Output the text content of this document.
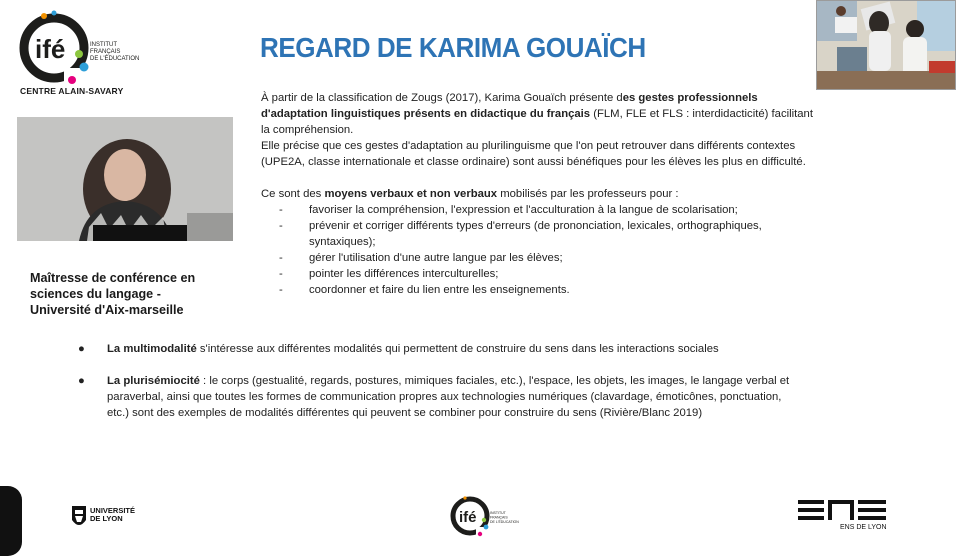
ifé	INSTITUT
FRANÇAIS
DE L'ÉDUCATION
CENTRE ALAIN-SAVARY
REGARD DE KARIMA GOUAÏCH
Maîtresse de conférence en
sciences du langage -
Université d'Aix-marseille

À partir de la classification de Zougs (2017), Karima Gouaïch présente des gestes professionnels

d'adaptation linguistiques présents en didactique du français (FLM, FLE et FLS : interdidacticité) facilitant

la compréhension.

Elle précise que ces gestes d'adaptation au plurilinguisme que l'on peut retrouver dans différents contextes

(UPE2A, classe internationale et classe ordinaire) sont aussi bénéfiques pour les élèves les plus en difficulté.

Ce sont des moyens verbaux et non verbaux mobilisés par les professeurs pour :

- favoriser la compréhension, l'expression et l'acculturation à la langue de scolarisation;
- prévenir et corriger différents types d'erreurs (de prononciation, lexicales, orthographiques,
syntaxiques);
- gérer l'utilisation d'une autre langue par les élèves;
- pointer les différences interculturelles;
- coordonner et faire du lien entre les enseignements.
● La multimodalité s'intéresse aux différentes modalités qui permettent de construire du sens dans les interactions sociales
● La plurisémiocité : le corps (gestualité, regards, postures, mimiques faciales, etc.), l'espace, les objets, les images, le langage verbal et
paraverbal, ainsi que toutes les formes de communication propres aux technologies numériques (clavardage, émoticônes, ponctuation,
etc.) sont des exemples de modalités différentes qui peuvent se combiner pour construire du sens (Rivière/Blanc 2019)
UNIVERSITÉ
DE LYON	ifé	INSTITUT
FRANÇAIS
DE L'ÉDUCATION
ENS DE LYON
